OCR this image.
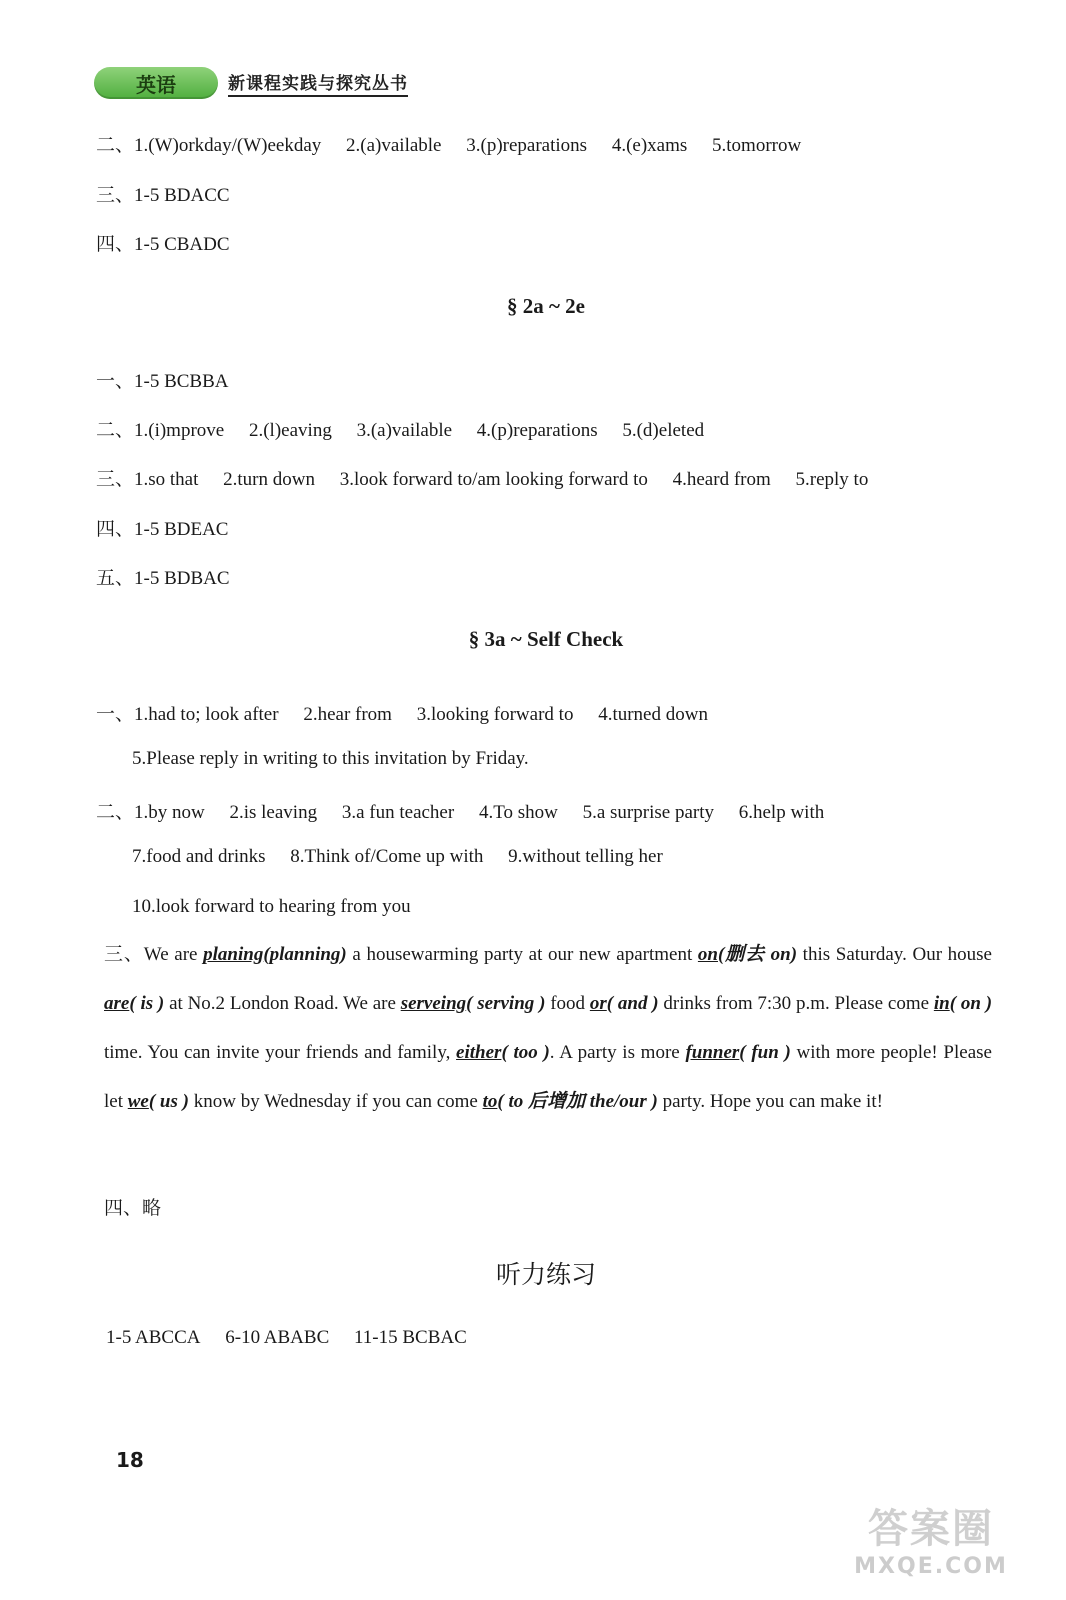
英语	新课程实践与探究丛书
二、1.(W)orkday/(W)eekday 2.(a)vailable 3.(p)reparations 4.(e)xams 5.tomorrow
三、1-5 BDACC
四、1-5 CBADC
§ 2a ~ 2e
一、1-5 BCBBA
二、1.(i)mprove 2.(l)eaving 3.(a)vailable 4.(p)reparations 5.(d)eleted
三、1.so that 2.turn down 3.look forward to/am looking forward to 4.heard from 5.reply to
四、1-5 BDEAC
五、1-5 BDBAC
§ 3a ~ Self Check
一、1.had to; look after 2.hear from 3.looking forward to 4.turned down
5.Please reply in writing to this invitation by Friday.
二、1.by now 2.is leaving 3.a fun teacher 4.To show 5.a surprise party 6.help with
7.food and drinks 8.Think of/Come up with 9.without telling her
10.look forward to hearing from you
三、We are planing(planning) a housewarming party at our new apartment on(删去 on) this Saturday. Our house are( is ) at No.2 London Road. We are serveing( serving ) food or( and ) drinks from 7:30 p.m. Please come in( on ) time. You can invite your friends and family, either( too ). A party is more funner( fun ) with more people! Please let we( us ) know by Wednesday if you can come to( to 后增加 the/our ) party. Hope you can make it!
四、略
听力练习
1-5 ABCCA 6-10 ABABC 11-15 BCBAC
18
答案圈
MXQE.COM
